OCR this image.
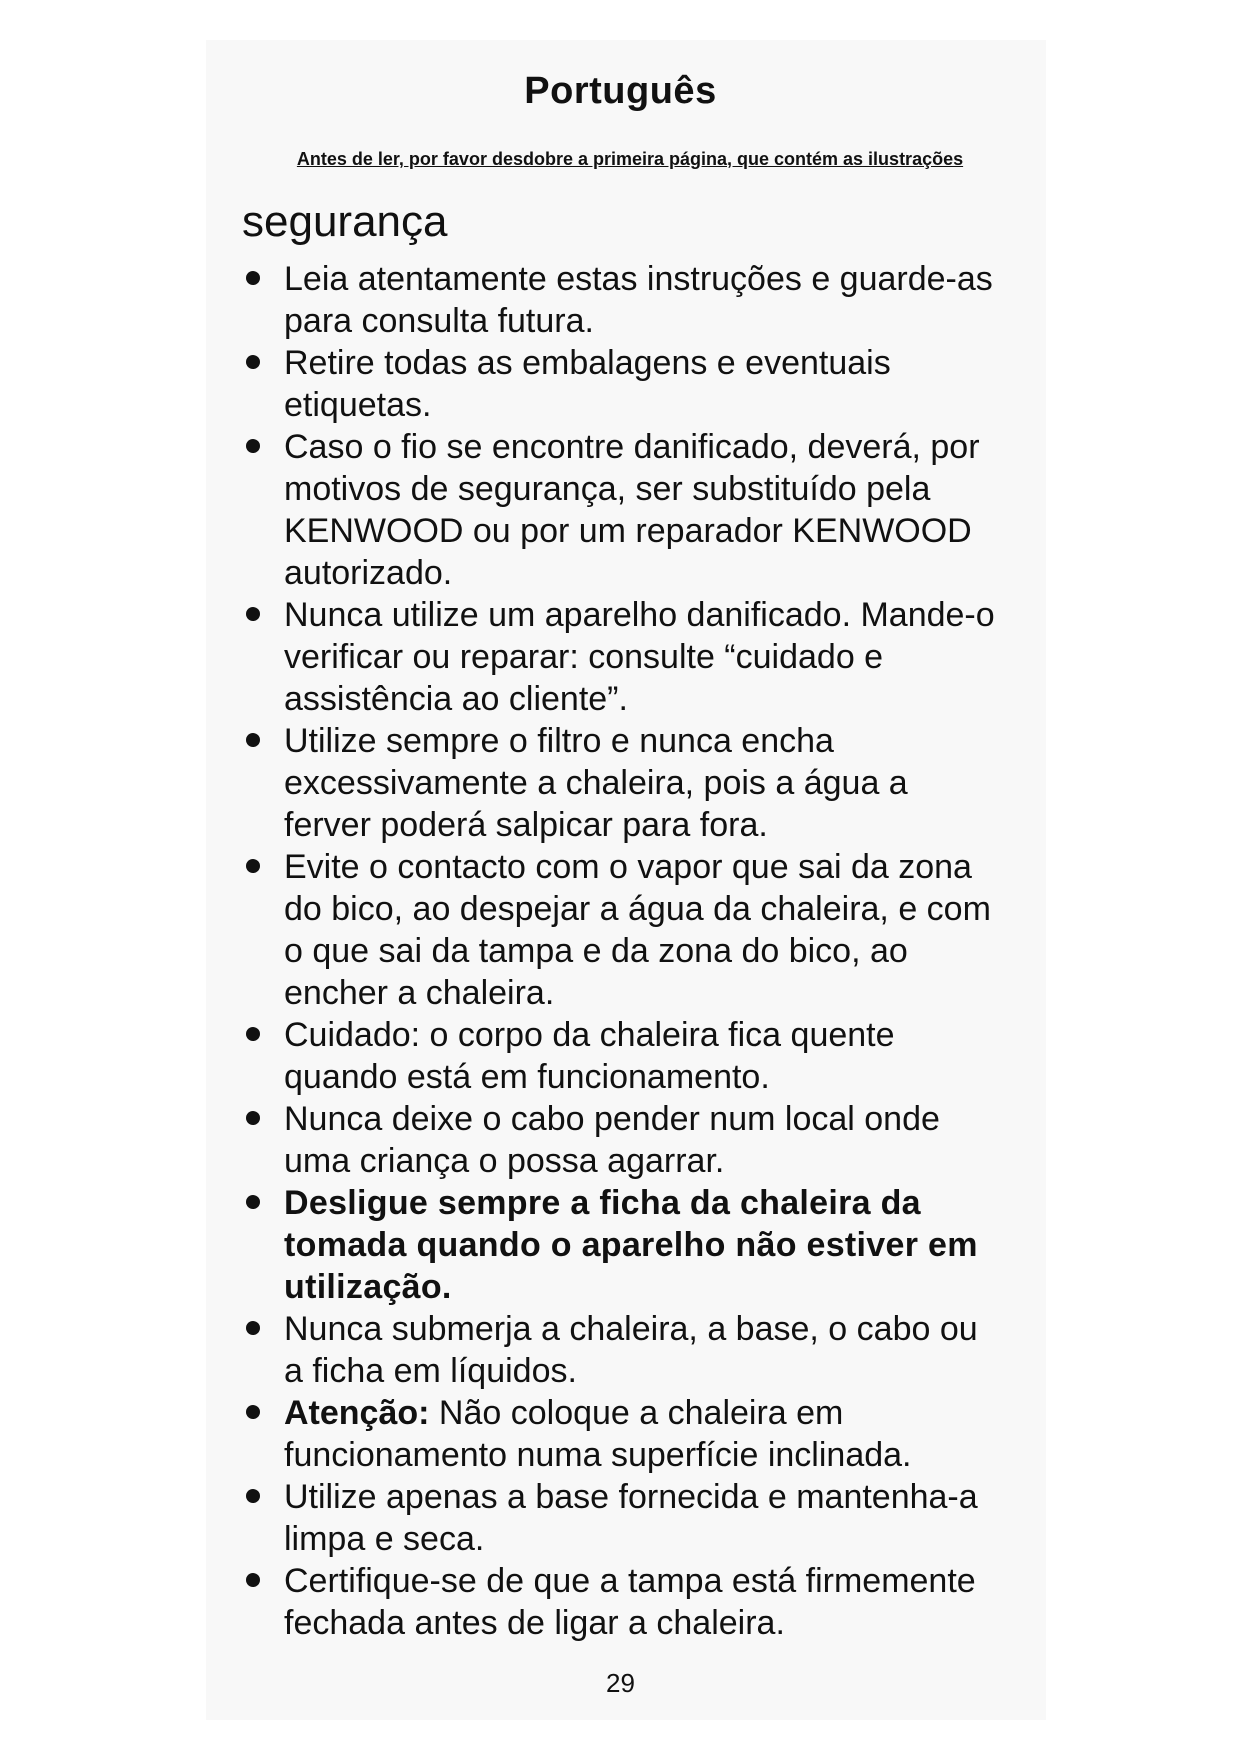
Português
Antes de ler, por favor desdobre a primeira página, que contém as ilustrações
segurança
Leia atentamente estas instruções e guarde-as para consulta futura.
Retire todas as embalagens e eventuais etiquetas.
Caso o fio se encontre danificado, deverá, por motivos de segurança, ser substituído pela KENWOOD ou por um reparador KENWOOD autorizado.
Nunca utilize um aparelho danificado. Mande-o verificar ou reparar: consulte “cuidado e assistência ao cliente”.
Utilize sempre o filtro e nunca encha excessivamente a chaleira, pois a água a ferver poderá salpicar para fora.
Evite o contacto com o vapor que sai da zona do bico, ao despejar a água da chaleira, e com o que sai da tampa e da zona do bico, ao encher a chaleira.
Cuidado: o corpo da chaleira fica quente quando está em funcionamento.
Nunca deixe o cabo pender num local onde uma criança o possa agarrar.
Desligue sempre a ficha da chaleira da tomada quando o aparelho não estiver em utilização.
Nunca submerja a chaleira, a base, o cabo ou a ficha em líquidos.
Atenção: Não coloque a chaleira em funcionamento numa superfície inclinada.
Utilize apenas a base fornecida e mantenha-a limpa e seca.
Certifique-se de que a tampa está firmemente fechada antes de ligar a chaleira.
29
